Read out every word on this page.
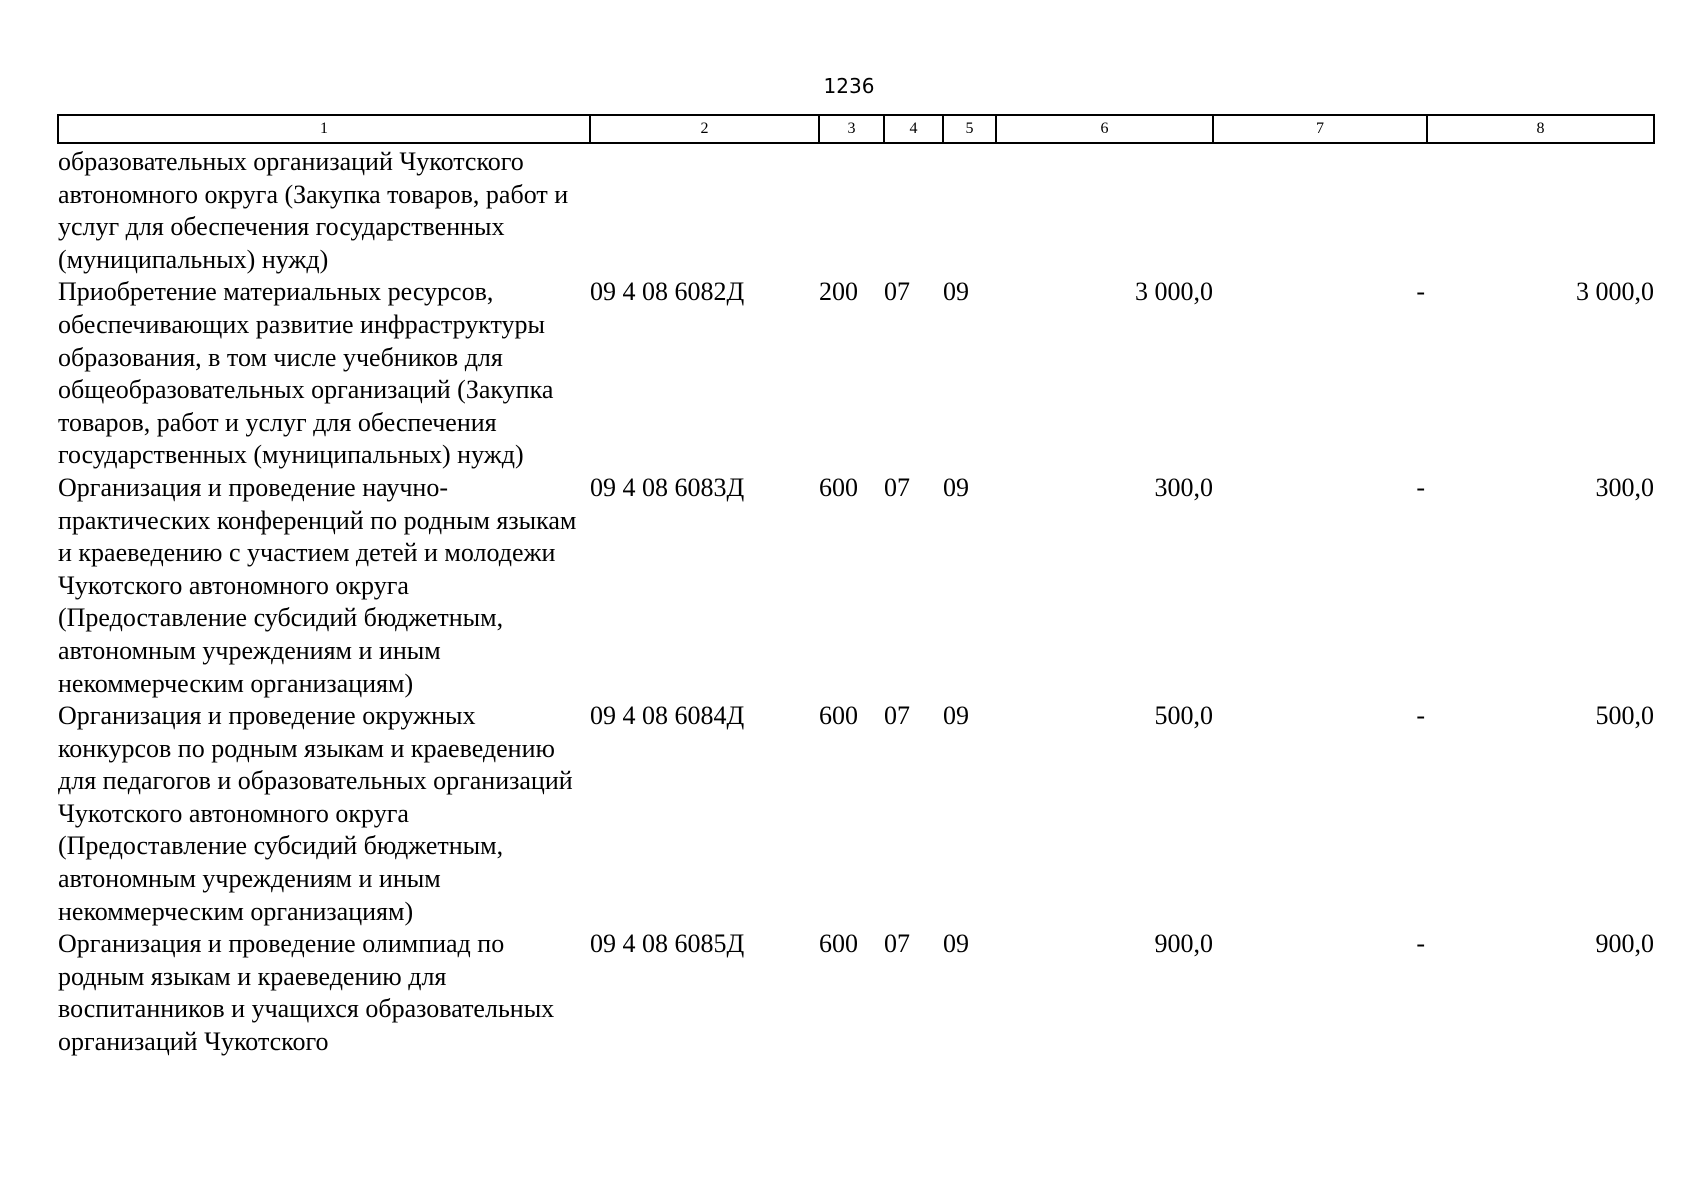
1236
1	2	3	4	5	6	7	8
образовательных организаций Чукотского автономного округа (Закупка товаров, работ и услуг для обеспечения государственных (муниципальных) нужд)							
Приобретение материальных ресурсов, обеспечивающих развитие инфраструктуры образования, в том числе учебников для общеобразовательных организаций (Закупка товаров, работ и услуг для обеспечения государственных (муниципальных) нужд)	09 4 08 6082Д	200	07	09	3 000,0	-	3 000,0
Организация и проведение научно-практических конференций по родным языкам и краеведению с участием детей и молодежи Чукотского автономного округа (Предоставление субсидий бюджетным, автономным учреждениям и иным некоммерческим организациям)	09 4 08 6083Д	600	07	09	300,0	-	300,0
Организация и проведение окружных конкурсов по родным языкам и краеведению для педагогов и образовательных организаций Чукотского автономного округа (Предоставление субсидий бюджетным, автономным учреждениям и иным некоммерческим организациям)	09 4 08 6084Д	600	07	09	500,0	-	500,0
Организация и проведение олимпиад по родным языкам и краеведению для воспитанников и учащихся образовательных организаций Чукотского	09 4 08 6085Д	600	07	09	900,0	-	900,0
